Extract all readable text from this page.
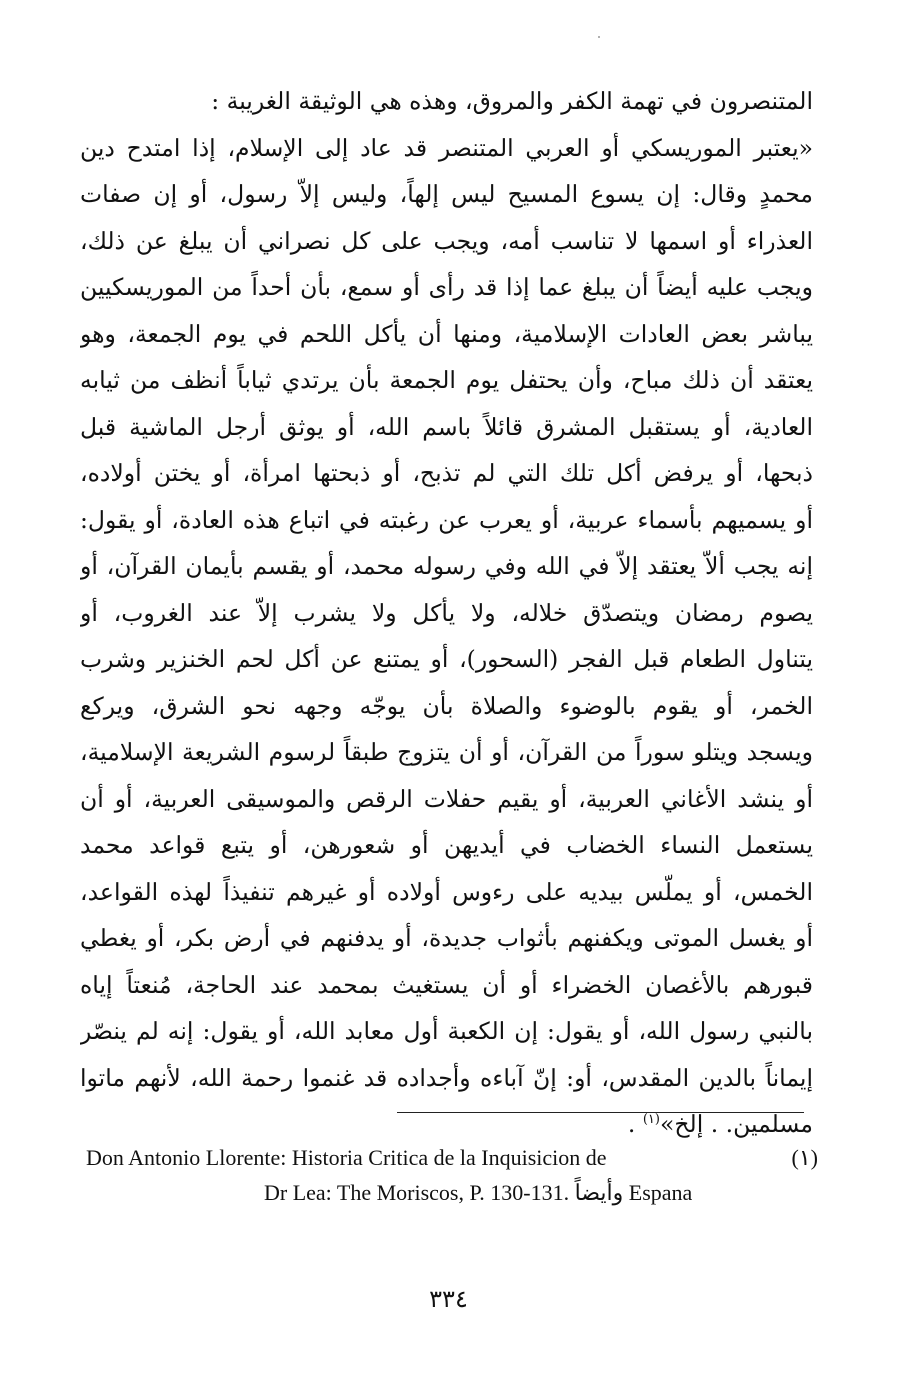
المتنصرون في تهمة الكفر والمروق، وهذه هي الوثيقة الغريبة :
«يعتبر الموريسكي أو العربي المتنصر قد عاد إلى الإسلام، إذا امتدح دين
محمدٍ وقال: إن يسوع المسيح ليس إلهاً، وليس إلاّ رسول، أو إن صفات
العذراء أو اسمها لا تناسب أمه، ويجب على كل نصراني أن يبلغ عن ذلك،
ويجب عليه أيضاً أن يبلغ عما إذا قد رأى أو سمع، بأن أحداً من الموريسكيين
يباشر بعض العادات الإسلامية، ومنها أن يأكل اللحم في يوم الجمعة، وهو
يعتقد أن ذلك مباح، وأن يحتفل يوم الجمعة بأن يرتدي ثياباً أنظف من ثيابه
العادية، أو يستقبل المشرق قائلاً باسم الله، أو يوثق أرجل الماشية قبل
ذبحها، أو يرفض أكل تلك التي لم تذبح، أو ذبحتها امرأة، أو يختن أولاده،
أو يسميهم بأسماء عربية، أو يعرب عن رغبته في اتباع هذه العادة، أو يقول:
إنه يجب ألاّ يعتقد إلاّ في الله وفي رسوله محمد، أو يقسم بأيمان القرآن، أو
يصوم رمضان ويتصدّق خلاله، ولا يأكل ولا يشرب إلاّ عند الغروب، أو
يتناول الطعام قبل الفجر (السحور)، أو يمتنع عن أكل لحم الخنزير وشرب
الخمر، أو يقوم بالوضوء والصلاة بأن يوجّه وجهه نحو الشرق، ويركع
ويسجد ويتلو سوراً من القرآن، أو أن يتزوج طبقاً لرسوم الشريعة الإسلامية،
أو ينشد الأغاني العربية، أو يقيم حفلات الرقص والموسيقى العربية، أو أن
يستعمل النساء الخضاب في أيديهن أو شعورهن، أو يتبع قواعد محمد
الخمس، أو يملّس بيديه على رءوس أولاده أو غيرهم تنفيذاً لهذه القواعد،
أو يغسل الموتى ويكفنهم بأثواب جديدة، أو يدفنهم في أرض بكر، أو يغطي
قبورهم بالأغصان الخضراء أو أن يستغيث بمحمد عند الحاجة، مُنعتاً إياه
بالنبي رسول الله، أو يقول: إن الكعبة أول معابد الله، أو يقول: إنه لم ينصّر
إيماناً بالدين المقدس، أو: إنّ آباءه وأجداده قد غنموا رحمة الله، لأنهم ماتوا
مسلمين. . إلخ»$^{(١)}$ .
(١)
Don Antonio Llorente: Historia Critica de la Inquisicion de
Dr Lea: The Moriscos, P. 130-131. وأيضاً Espana
٣٣٤
